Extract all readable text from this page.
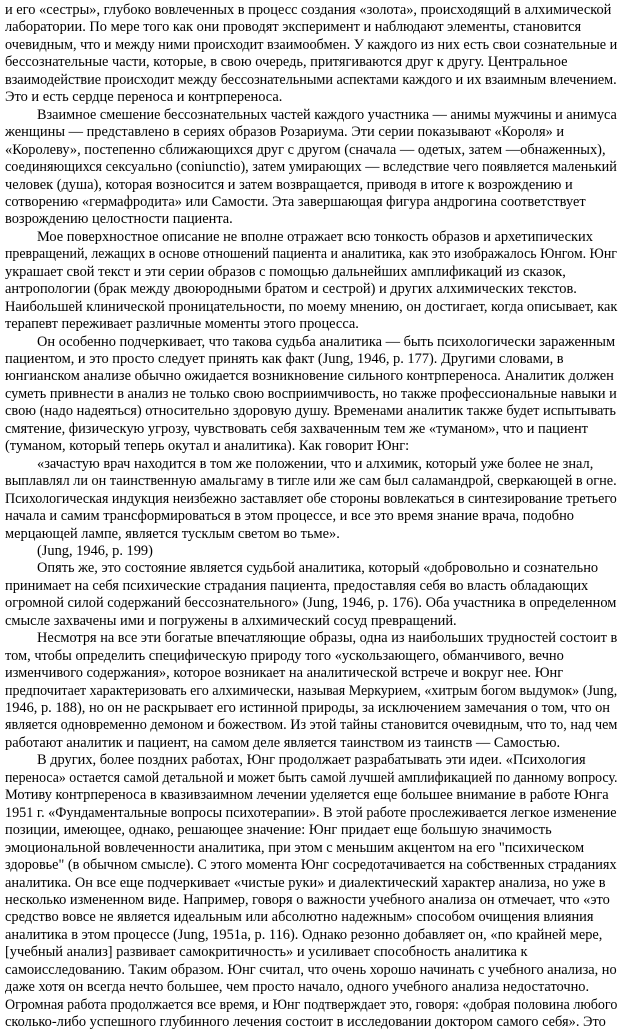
и его «сестры», глубоко вовлеченных в процесс создания «золота», происходящий в алхимической

лаборатории. По мере того как они проводят эксперимент и наблюдают элементы, становится

очевидным, что и между ними происходит взаимообмен. У каждого из них есть свои сознательные и

бессознательные части, которые, в свою очередь, притягиваются друг к другу. Центральное

взаимодействие происходит между бессознательными аспектами каждого и их взаимным влечением.

Это и есть сердце переноса и контрпереноса.

Взаимное смешение бессознательных частей каждого участника — анимы мужчины и анимуса

женщины — представлено в сериях образов Розариума. Эти серии показывают «Короля» и

«Королеву», постепенно сближающихся друг с другом (сначала — одетых, затем —обнаженных),

соединяющихся сексуально (coniunctio), затем умирающих — вследствие чего появляется маленький

человек (душа), которая возносится и затем возвращается, приводя в итоге к возрождению и

сотворению «гермафродита» или Самости. Эта завершающая фигура андрогина соответствует

возрождению целостности пациента.

Мое поверхностное описание не вполне отражает всю тонкость образов и архетипических

превращений, лежащих в основе отношений пациента и аналитика, как это изображалось Юнгом. Юнг

украшает свой текст и эти серии образов с помощью дальнейших амплификаций из сказок,

антропологии (брак между двоюродными братом и сестрой) и других алхимических текстов.

Наибольшей клинической проницательности, по моему мнению, он достигает, когда описывает, как

терапевт переживает различные моменты этого процесса.

Он особенно подчеркивает, что такова судьба аналитика — быть психологически зараженным

пациентом, и это просто следует принять как факт (Jung, 1946, p. 177). Другими словами, в

юнгианском анализе обычно ожидается возникновение сильного контрпереноса. Аналитик должен

суметь привнести в анализ не только свою восприимчивость, но также профессиональные навыки и

свою (надо надеяться) относительно здоровую душу. Временами аналитик также будет испытывать

смятение, физическую угрозу, чувствовать себя захваченным тем же «туманом», что и пациент

(туманом, который теперь окутал и аналитика). Как говорит Юнг:

«зачастую врач находится в том же положении, что и алхимик, который уже более не знал,

выплавлял ли он таинственную амальгаму в тигле или же сам был саламандрой, сверкающей в огне.

Психологическая индукция неизбежно заставляет обе стороны вовлекаться в синтезирование третьего

начала и самим трансформироваться в этом процессе, и все это время знание врача, подобно

мерцающей лампе, является тусклым светом во тьме».

(Jung, 1946, p. 199)

Опять же, это состояние является судьбой аналитика, который «добровольно и сознательно

принимает на себя психические страдания пациента, предоставляя себя во власть обладающих

огромной силой содержаний бессознательного» (Jung, 1946, p. 176). Оба участника в определенном

смысле захвачены ими и погружены в алхимический сосуд превращений.

Несмотря на все эти богатые впечатляющие образы, одна из наибольших трудностей состоит в

том, чтобы определить специфическую природу того «ускользающего, обманчивого, вечно

изменчивого содержания», которое возникает на аналитической встрече и вокруг нее. Юнг

предпочитает характеризовать его алхимически, называя Меркурием, «хитрым богом выдумок» (Jung,

1946, p. 188), но он не раскрывает его истинной природы, за исключением замечания о том, что он

является одновременно демоном и божеством. Из этой тайны становится очевидным, что то, над чем

работают аналитик и пациент, на самом деле является таинством из таинств — Самостью.

В других, более поздних работах, Юнг продолжает разрабатывать эти идеи. «Психология

переноса» остается самой детальной и может быть самой лучшей амплификацией по данному вопросу.

Мотиву контрпереноса в квазивзаимном лечении уделяется еще большее внимание в работе Юнга

1951 г. «Фундаментальные вопросы психотерапии». В этой работе прослеживается легкое изменение

позиции, имеющее, однако, решающее значение: Юнг придает еще большую значимость

эмоциональной вовлеченности аналитика, при этом с меньшим акцентом на его "психическом

здоровье" (в обычном смысле). С этого момента Юнг сосредотачивается на собственных страданиях

аналитика. Он все еще подчеркивает «чистые руки» и диалектический характер анализа, но уже в

несколько измененном виде. Например, говоря о важности учебного анализа он отмечает, что «это

средство вовсе не является идеальным или абсолютно надежным» способом очищения влияния

аналитика в этом процессе (Jung, 1951a, p. 116). Однако резонно добавляет он, «по крайней мере,

[учебный анализ] развивает самокритичность» и усиливает способность аналитика к

самоисследованию. Таким образом. Юнг считал, что очень хорошо начинать с учебного анализа, но

даже хотя он всегда нечто большее, чем просто начало, одного учебного анализа недостаточно.

Огромная работа продолжается все время, и Юнг подтверждает это, говоря: «добрая половина любого

сколько-либо успешного глубинного лечения состоит в исследовании доктором самого себя». Это
